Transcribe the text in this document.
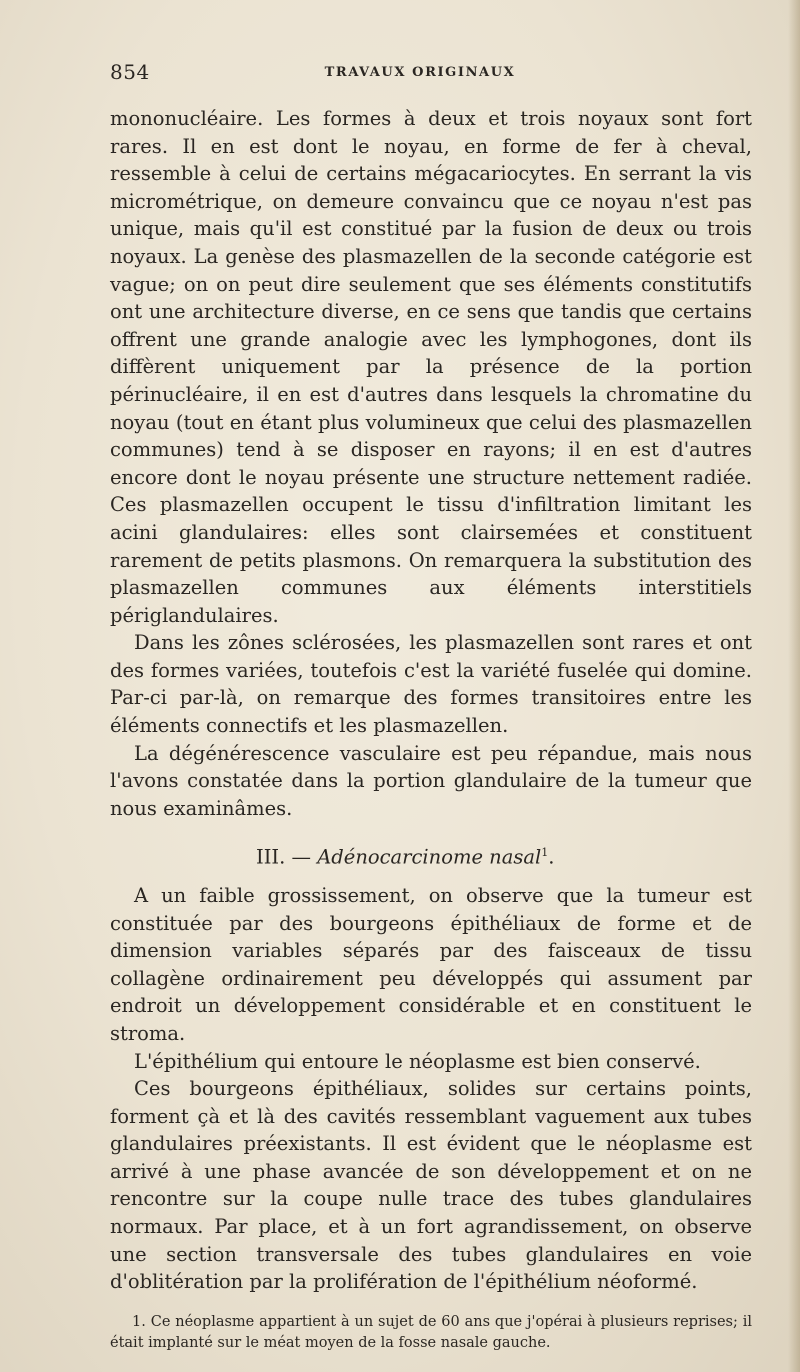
854	TRAVAUX ORIGINAUX

mononucléaire. Les formes à deux et trois noyaux sont fort rares. Il en est dont le noyau, en forme de fer à cheval, ressemble à celui de certains mégacariocytes. En serrant la vis micrométrique, on demeure convaincu que ce noyau n'est pas unique, mais qu'il est constitué par la fusion de deux ou trois noyaux. La genèse des plasmazellen de la seconde catégorie est vague; on on peut dire seulement que ses éléments constitutifs ont une architecture diverse, en ce sens que tandis que certains offrent une grande analogie avec les lymphogones, dont ils diffèrent uniquement par la présence de la portion périnucléaire, il en est d'autres dans lesquels la chromatine du noyau (tout en étant plus volumineux que celui des plasmazellen communes) tend à se disposer en rayons; il en est d'autres encore dont le noyau présente une structure nettement radiée. Ces plasmazellen occupent le tissu d'infiltration limitant les acini glandulaires: elles sont clairsemées et constituent rarement de petits plasmons. On remarquera la substitution des plasmazellen communes aux éléments interstitiels périglandulaires.

Dans les zônes sclérosées, les plasmazellen sont rares et ont des formes variées, toutefois c'est la variété fuselée qui domine. Par-ci par-là, on remarque des formes transitoires entre les éléments connectifs et les plasmazellen.

La dégénérescence vasculaire est peu répandue, mais nous l'avons constatée dans la portion glandulaire de la tumeur que nous examinâmes.

III. — Adénocarcinome nasal$^1$.

A un faible grossissement, on observe que la tumeur est constituée par des bourgeons épithéliaux de forme et de dimension variables séparés par des faisceaux de tissu collagène ordinairement peu développés qui assument par endroit un développement considérable et en constituent le stroma.

L'épithélium qui entoure le néoplasme est bien conservé.

Ces bourgeons épithéliaux, solides sur certains points, forment çà et là des cavités ressemblant vaguement aux tubes glandulaires préexistants. Il est évident que le néoplasme est arrivé à une phase avancée de son développement et on ne rencontre sur la coupe nulle trace des tubes glandulaires normaux. Par place, et à un fort agrandissement, on observe une section transversale des tubes glandulaires en voie d'oblitération par la prolifération de l'épithélium néoformé.

1. Ce néoplasme appartient à un sujet de 60 ans que j'opérai à plusieurs reprises; il était implanté sur le méat moyen de la fosse nasale gauche.
